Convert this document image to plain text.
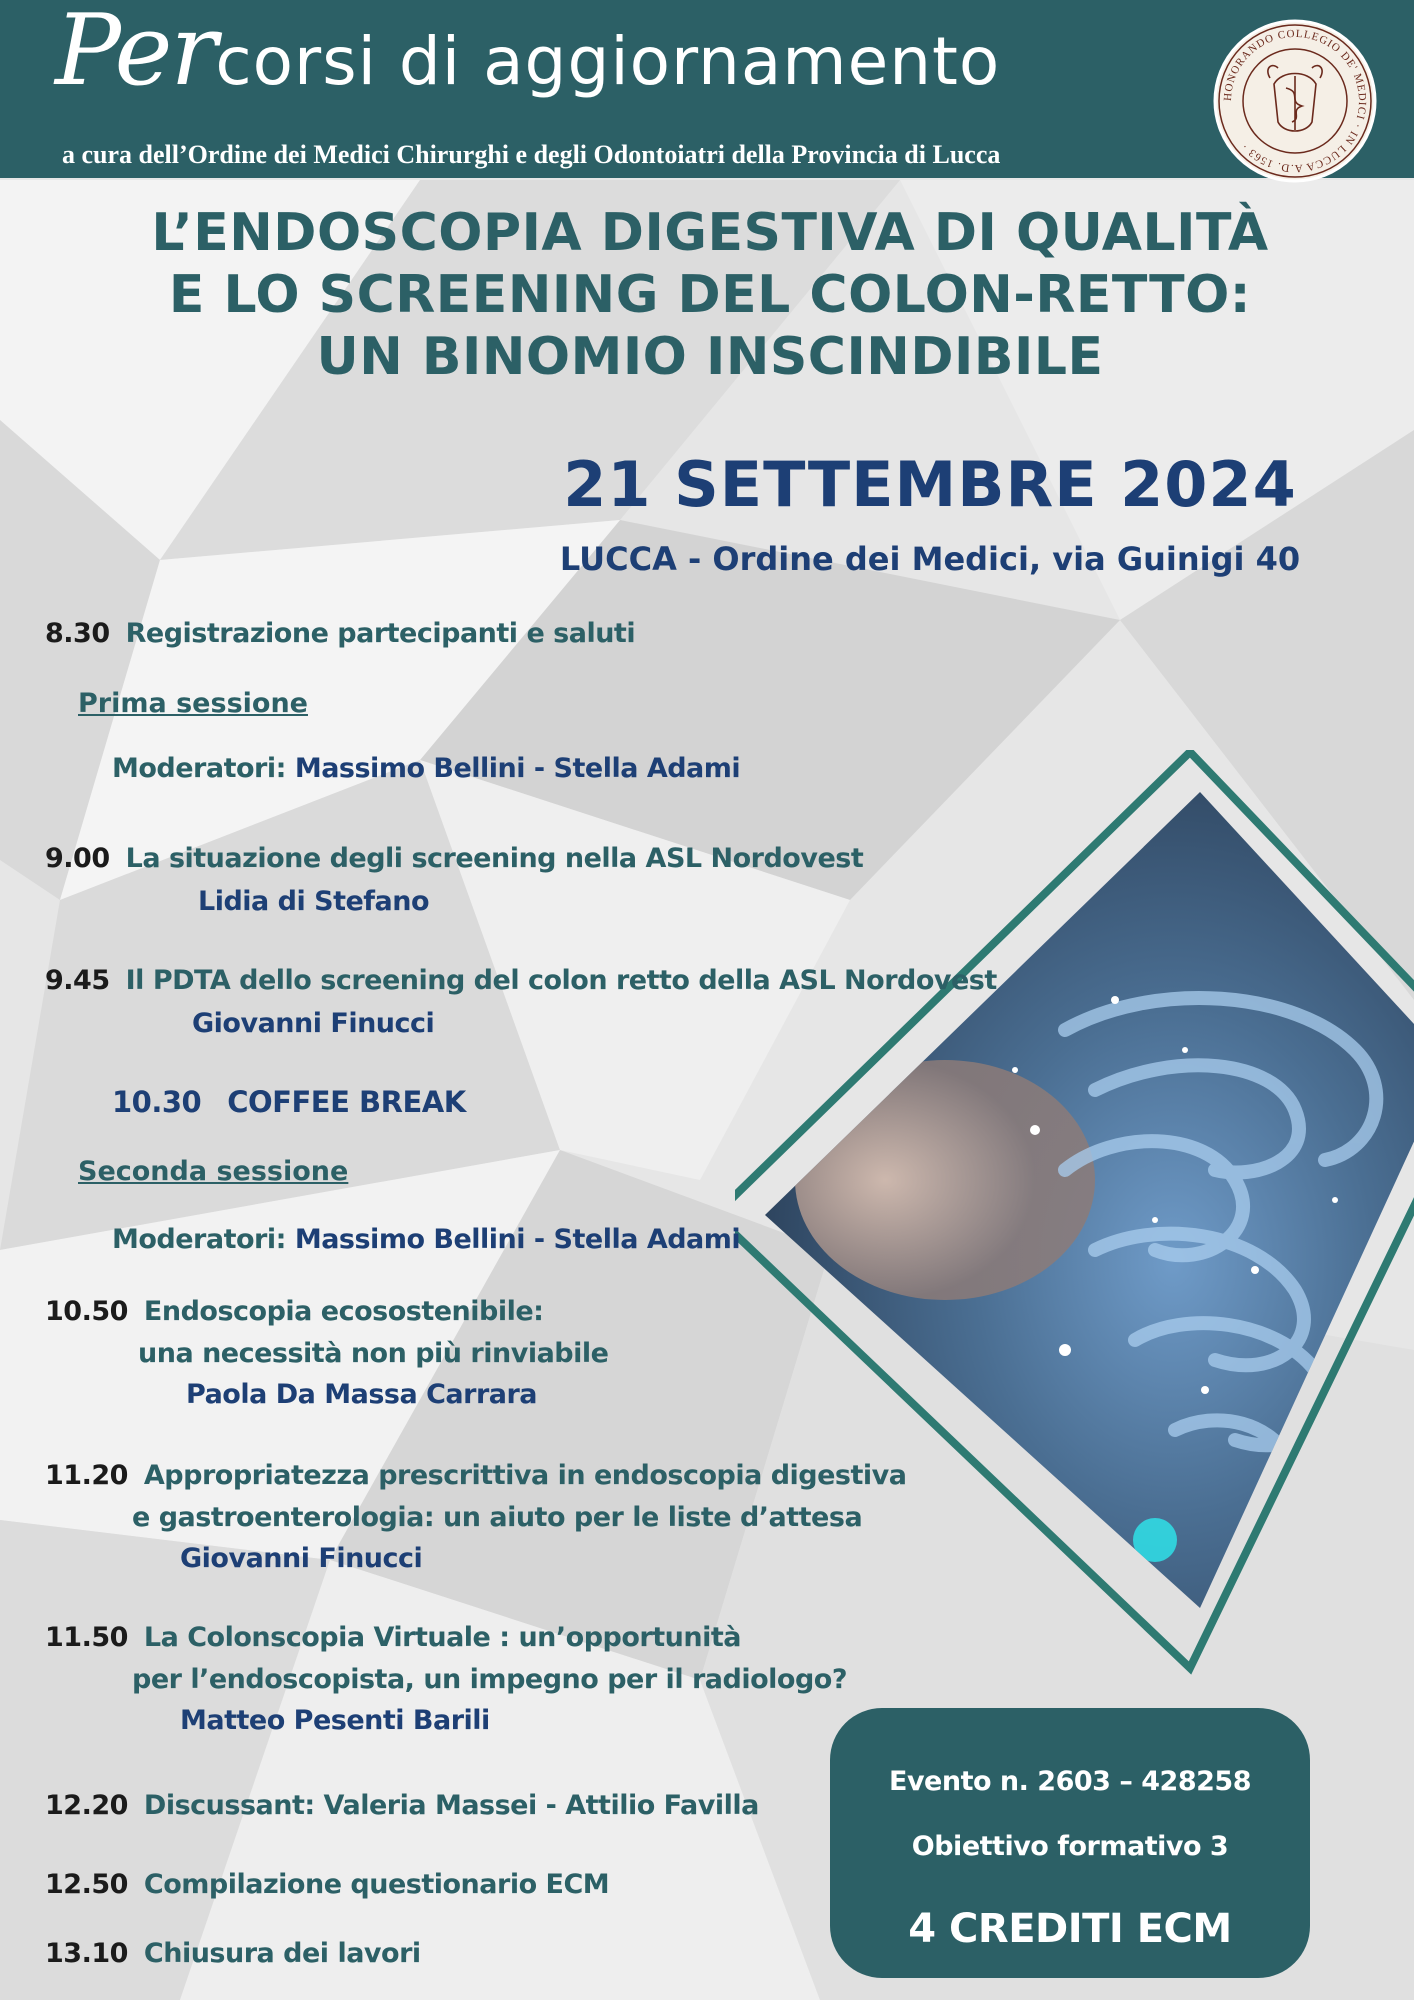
Percorsi di aggiornamento
a cura dell’Ordine dei Medici Chirurghi e degli Odontoiatri della Provincia di Lucca
HONORANDO COLLEGIO DE' MEDICI · IN LUCCA A.D. 1563 ·
L’ENDOSCOPIA DIGESTIVA DI QUALITÀ
E LO SCREENING DEL COLON-RETTO:
UN BINOMIO INSCINDIBILE
21 SETTEMBRE 2024
LUCCA - Ordine dei Medici, via Guinigi 40
8.30 Registrazione partecipanti e saluti
Prima sessione
Moderatori: Massimo Bellini - Stella Adami
9.00 La situazione degli screening nella ASL Nordovest
Lidia di Stefano
9.45 Il PDTA dello screening del colon retto della ASL Nordovest
Giovanni Finucci
10.30 COFFEE BREAK
Seconda sessione
Moderatori: Massimo Bellini - Stella Adami
10.50 Endoscopia ecosostenibile:
una necessità non più rinviabile
Paola Da Massa Carrara
11.20 Appropriatezza prescrittiva in endoscopia digestiva
e gastroenterologia: un aiuto per le liste d’attesa
Giovanni Finucci
11.50 La Colonscopia Virtuale : un’opportunità
per l’endoscopista, un impegno per il radiologo?
Matteo Pesenti Barili
12.20 Discussant: Valeria Massei - Attilio Favilla
12.50 Compilazione questionario ECM
13.10 Chiusura dei lavori
Evento n. 2603 – 428258
Obiettivo formativo 3
4 CREDITI ECM
